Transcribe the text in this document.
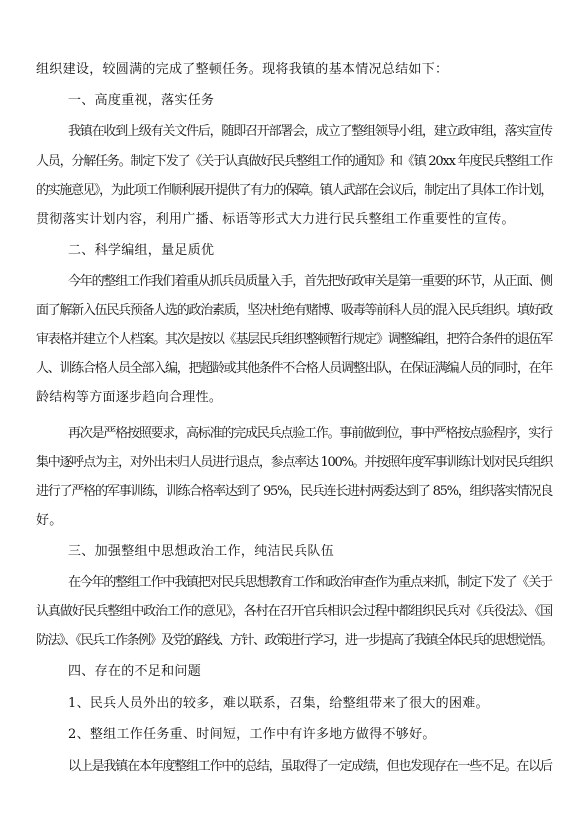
组织建设，较圆满的完成了整顿任务。现将我镇的基本情况总结如下：
一、高度重视，落实任务
我镇在收到上级有关文件后，随即召开部署会，成立了整组领导小组，建立政审组，落实宣传
人员，分解任务。制定下发了《关于认真做好民兵整组工作的通知》和《镇 20xx 年度民兵整组工作
的实施意见》，为此项工作顺利展开提供了有力的保障。镇人武部在会议后，制定出了具体工作计划，
贯彻落实计划内容，利用广播、标语等形式大力进行民兵整组工作重要性的宣传。
二、科学编组，量足质优
今年的整组工作我们着重从抓兵员质量入手，首先把好政审关是第一重要的环节，从正面、侧
面了解新入伍民兵预备人选的政治素质，坚决杜绝有赌博、吸毒等前科人员的混入民兵组织。填好政
审表格并建立个人档案。其次是按以《基层民兵组织整顿暂行规定》调整编组，把符合条件的退伍军
人、训练合格人员全部入编，把超龄或其他条件不合格人员调整出队，在保证满编人员的同时，在年
龄结构等方面逐步趋向合理性。
再次是严格按照要求，高标准的完成民兵点验工作。事前做到位，事中严格按点验程序，实行
集中逐呼点为主，对外出未归人员进行退点，参点率达 100%。并按照年度军事训练计划对民兵组织
进行了严格的军事训练，训练合格率达到了 95%，民兵连长进村两委达到了 85%，组织落实情况良
好。
三、加强整组中思想政治工作，纯洁民兵队伍
在今年的整组工作中我镇把对民兵思想教育工作和政治审查作为重点来抓，制定下发了《关于
认真做好民兵整组中政治工作的意见》，各村在召开官兵相识会过程中都组织民兵对《兵役法》、《国
防法》、《民兵工作条例》及党的路线、方针、政策进行学习，进一步提高了我镇全体民兵的思想觉悟。
四、存在的不足和问题
1、民兵人员外出的较多，难以联系，召集，给整组带来了很大的困难。
2、整组工作任务重、时间短，工作中有许多地方做得不够好。
以上是我镇在本年度整组工作中的总结，虽取得了一定成绩，但也发现存在一些不足。在以后
